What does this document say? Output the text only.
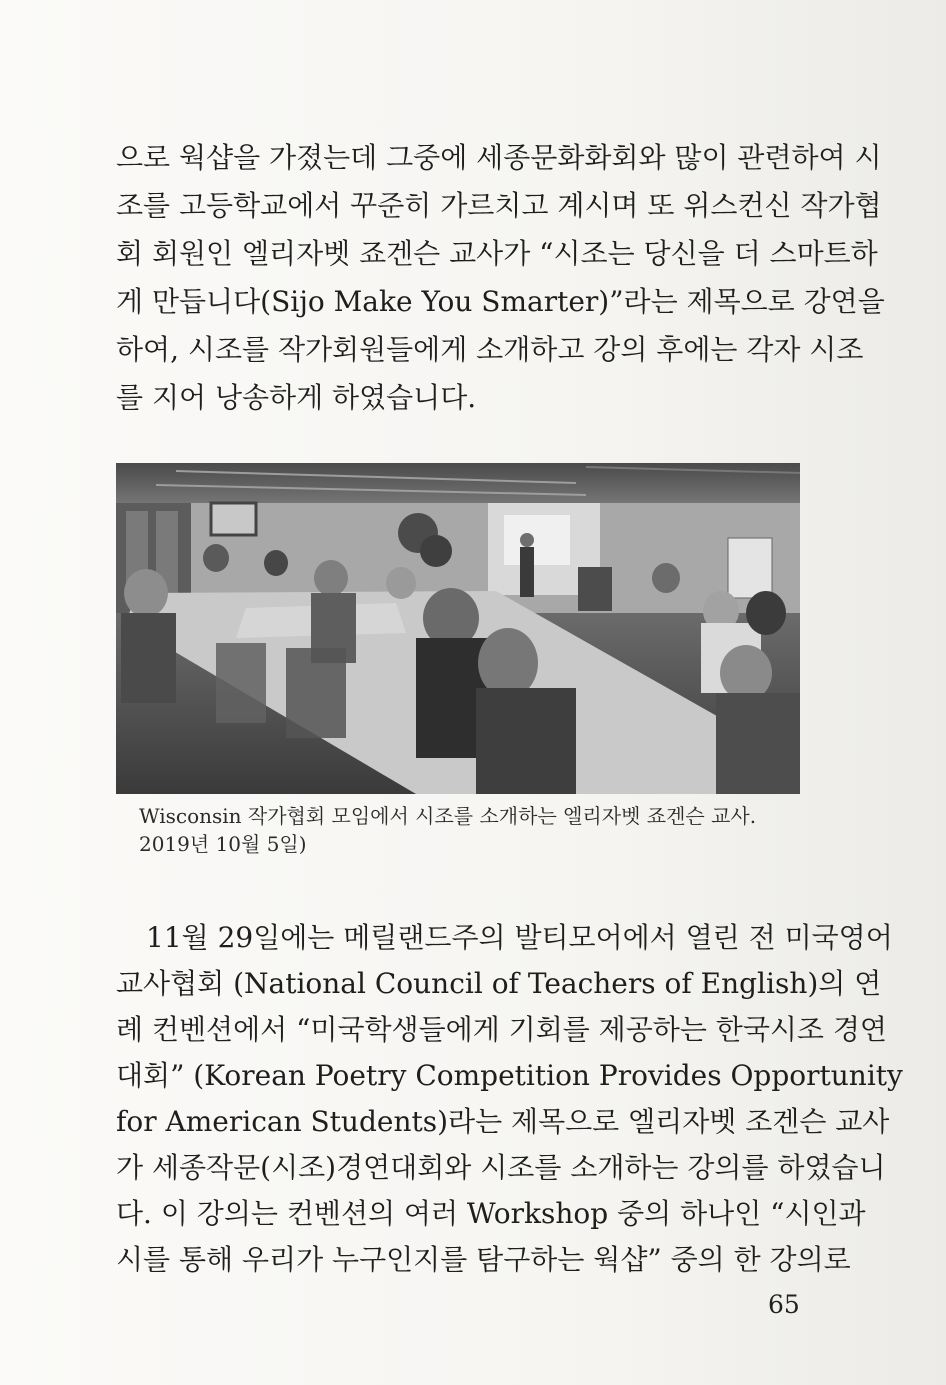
으로 웍샵을 가졌는데 그중에 세종문화화회와 많이 관련하여 시
조를 고등학교에서 꾸준히 가르치고 계시며 또 위스컨신 작가협
회 회원인 엘리자벳 죠겐슨 교사가 “시조는 당신을 더 스마트하
게 만듭니다(Sijo Make You Smarter)”라는 제목으로 강연을
하여, 시조를 작가회원들에게 소개하고 강의 후에는 각자 시조
를 지어 낭송하게 하였습니다.
Wisconsin 작가협회 모임에서 시조를 소개하는 엘리자벳 죠겐슨 교사.
2019년 10월 5일)
11월 29일에는 메릴랜드주의 발티모어에서 열린 전 미국영어
교사협회 (National Council of Teachers of English)의 연
례 컨벤션에서 “미국학생들에게 기회를 제공하는 한국시조 경연
대회” (Korean Poetry Competition Provides Opportunity
for American Students)라는 제목으로 엘리자벳 조겐슨 교사
가 세종작문(시조)경연대회와 시조를 소개하는 강의를 하였습니
다. 이 강의는 컨벤션의 여러 Workshop 중의 하나인 “시인과
시를 통해 우리가 누구인지를 탐구하는 웍샵” 중의 한 강의로
65
